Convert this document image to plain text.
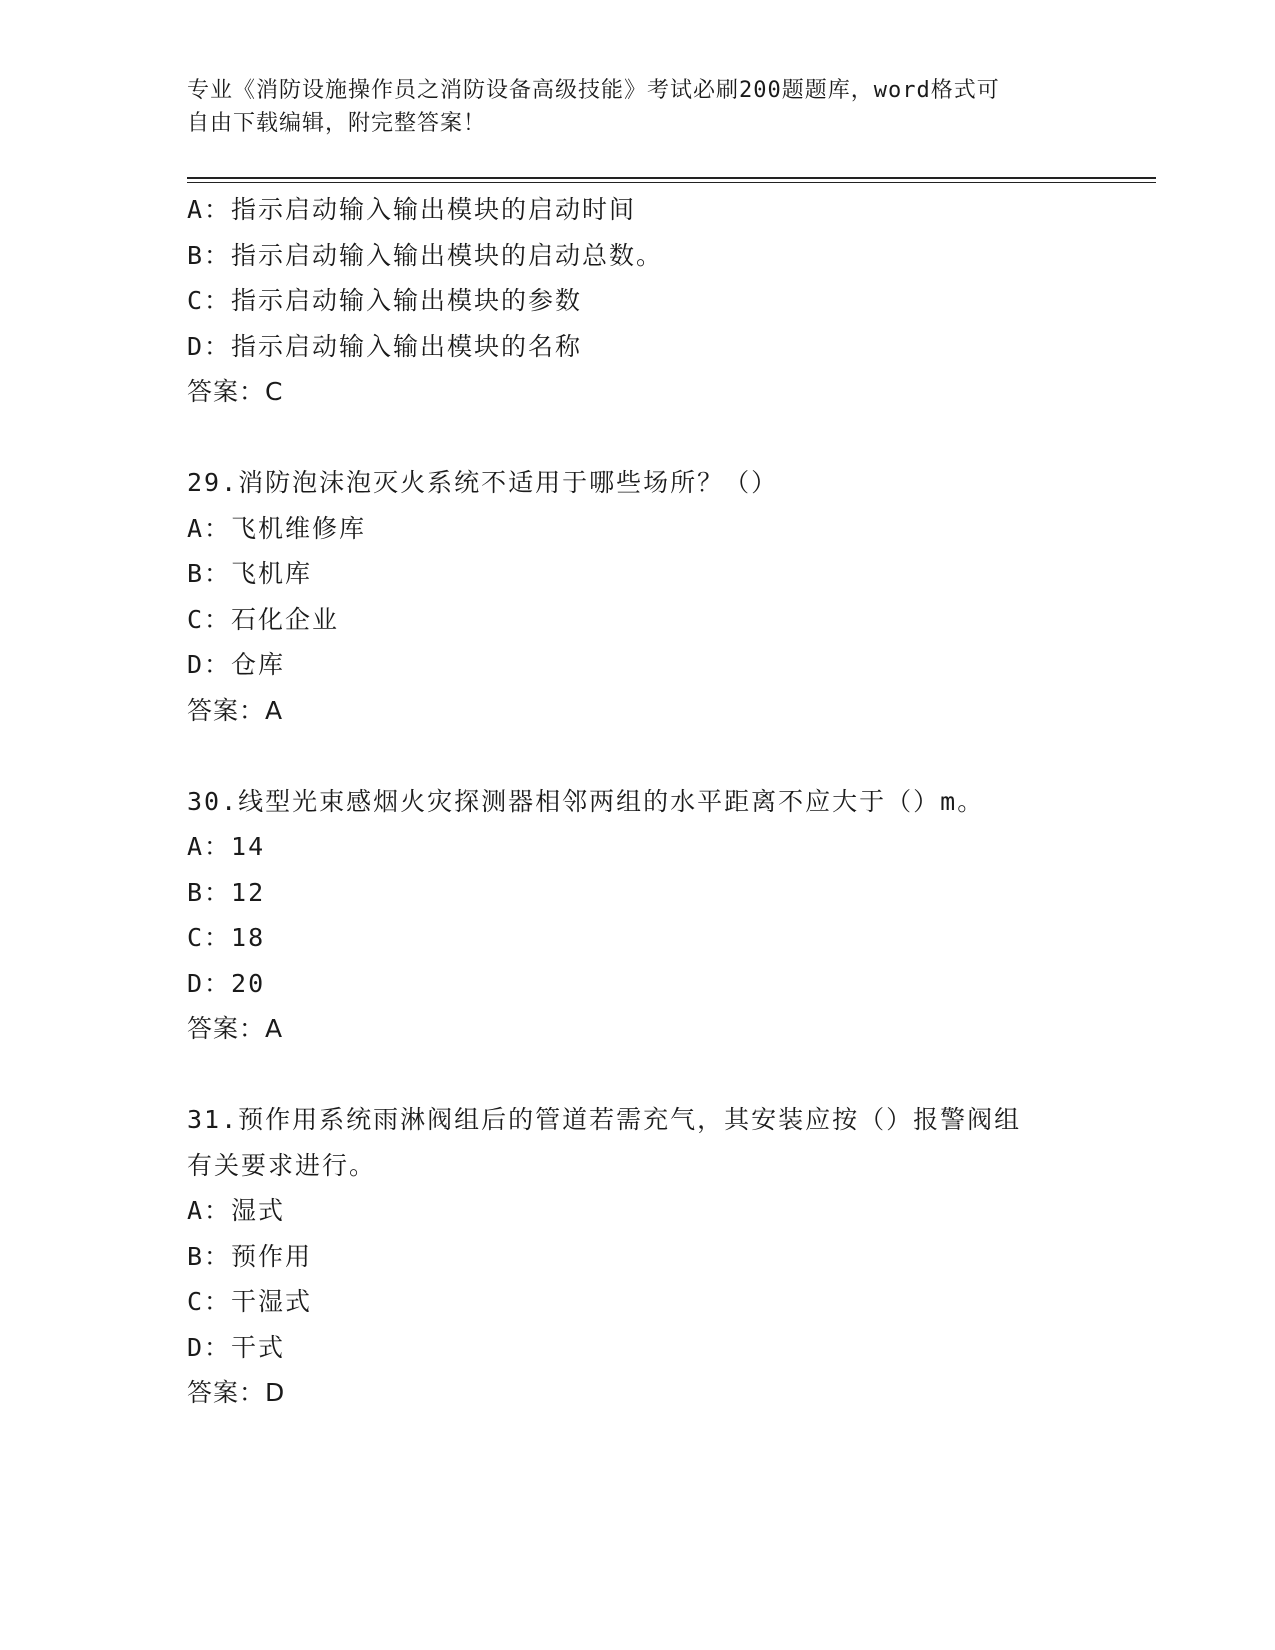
专业《消防设施操作员之消防设备高级技能》考试必刷200题题库，word格式可
自由下载编辑，附完整答案！
A：指示启动输入输出模块的启动时间
B：指示启动输入输出模块的启动总数。
C：指示启动输入输出模块的参数
D：指示启动输入输出模块的名称
答案：C
29.消防泡沫泡灭火系统不适用于哪些场所？（）
A：飞机维修库
B：飞机库
C：石化企业
D：仓库
答案：A
30.线型光束感烟火灾探测器相邻两组的水平距离不应大于（）m。
A：14
B：12
C：18
D：20
答案：A
31.预作用系统雨淋阀组后的管道若需充气，其安装应按（）报警阀组
有关要求进行。
A：湿式
B：预作用
C：干湿式
D：干式
答案：D
